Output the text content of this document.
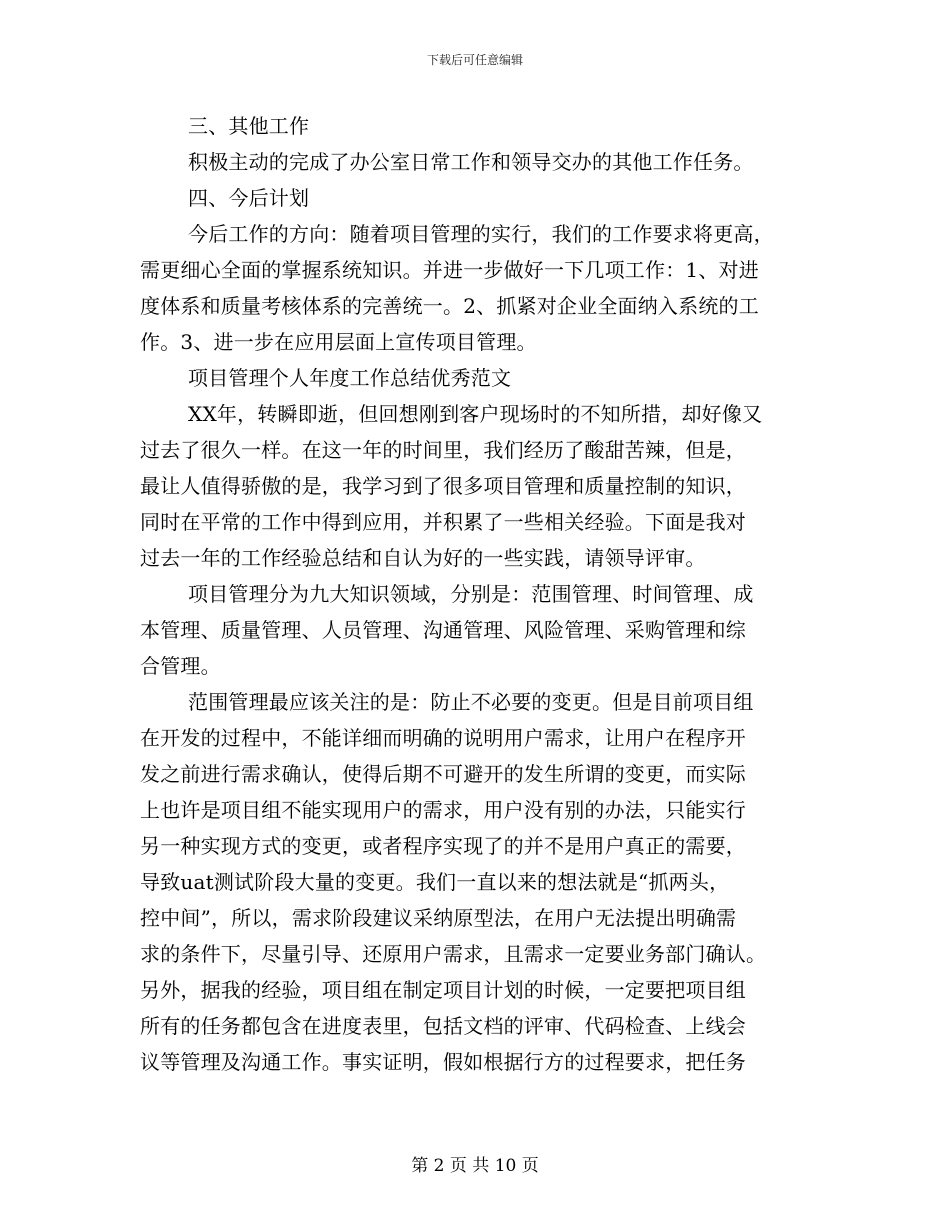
下载后可任意编辑
三、其他工作
积极主动的完成了办公室日常工作和领导交办的其他工作任务。
四、今后计划
今后工作的方向：随着项目管理的实行，我们的工作要求将更高，
需更细心全面的掌握系统知识。并进一步做好一下几项工作：1、对进
度体系和质量考核体系的完善统一。2、抓紧对企业全面纳入系统的工
作。3、进一步在应用层面上宣传项目管理。
项目管理个人年度工作总结优秀范文
XX年，转瞬即逝，但回想刚到客户现场时的不知所措，却好像又
过去了很久一样。在这一年的时间里，我们经历了酸甜苦辣，但是，
最让人值得骄傲的是，我学习到了很多项目管理和质量控制的知识，
同时在平常的工作中得到应用，并积累了一些相关经验。下面是我对
过去一年的工作经验总结和自认为好的一些实践，请领导评审。
项目管理分为九大知识领域，分别是：范围管理、时间管理、成
本管理、质量管理、人员管理、沟通管理、风险管理、采购管理和综
合管理。
范围管理最应该关注的是：防止不必要的变更。但是目前项目组
在开发的过程中，不能详细而明确的说明用户需求，让用户在程序开
发之前进行需求确认，使得后期不可避开的发生所谓的变更，而实际
上也许是项目组不能实现用户的需求，用户没有别的办法，只能实行
另一种实现方式的变更，或者程序实现了的并不是用户真正的需要，
导致uat测试阶段大量的变更。我们一直以来的想法就是“抓两头，
控中间”，所以，需求阶段建议采纳原型法，在用户无法提出明确需
求的条件下，尽量引导、还原用户需求，且需求一定要业务部门确认。
另外，据我的经验，项目组在制定项目计划的时候，一定要把项目组
所有的任务都包含在进度表里，包括文档的评审、代码检查、上线会
议等管理及沟通工作。事实证明，假如根据行方的过程要求，把任务
第 2 页 共 10 页
